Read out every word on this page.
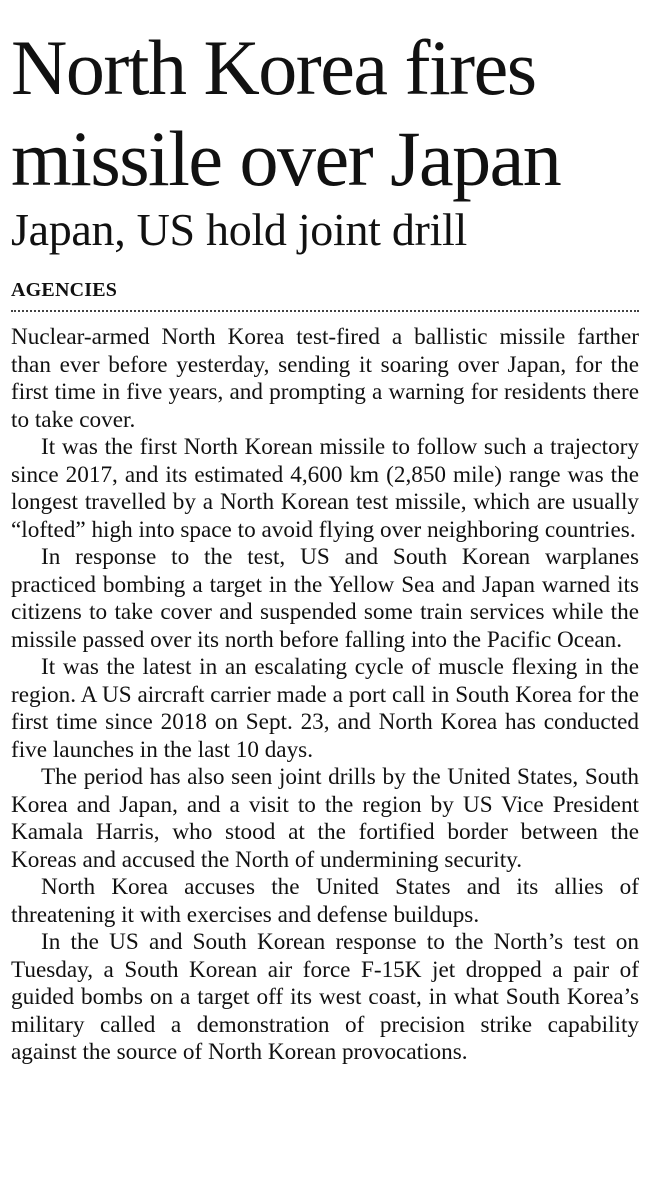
North Korea fires missile over Japan
Japan, US hold joint drill
AGENCIES

Nuclear-armed North Korea test-fired a ballistic missile farther than ever before yesterday, sending it soaring over Japan, for the first time in five years, and prompting a warning for residents there to take cover.

It was the first North Korean missile to follow such a trajectory since 2017, and its estimated 4,600 km (2,850 mile) range was the longest travelled by a North Korean test missile, which are usually “lofted” high into space to avoid flying over neighboring countries.

In response to the test, US and South Korean warplanes practiced bombing a target in the Yellow Sea and Japan warned its citizens to take cover and suspended some train services while the missile passed over its north before falling into the Pacific Ocean.

It was the latest in an escalating cycle of muscle flexing in the region. A US aircraft carrier made a port call in South Korea for the first time since 2018 on Sept. 23, and North Korea has conducted five launches in the last 10 days.

The period has also seen joint drills by the United States, South Korea and Japan, and a visit to the region by US Vice President Kamala Harris, who stood at the fortified border between the Koreas and accused the North of undermining security.

North Korea accuses the United States and its allies of threatening it with exercises and defense buildups.

In the US and South Korean response to the North’s test on Tuesday, a South Korean air force F-15K jet dropped a pair of guided bombs on a target off its west coast, in what South Korea’s military called a demonstration of precision strike capability against the source of North Korean provocations.
